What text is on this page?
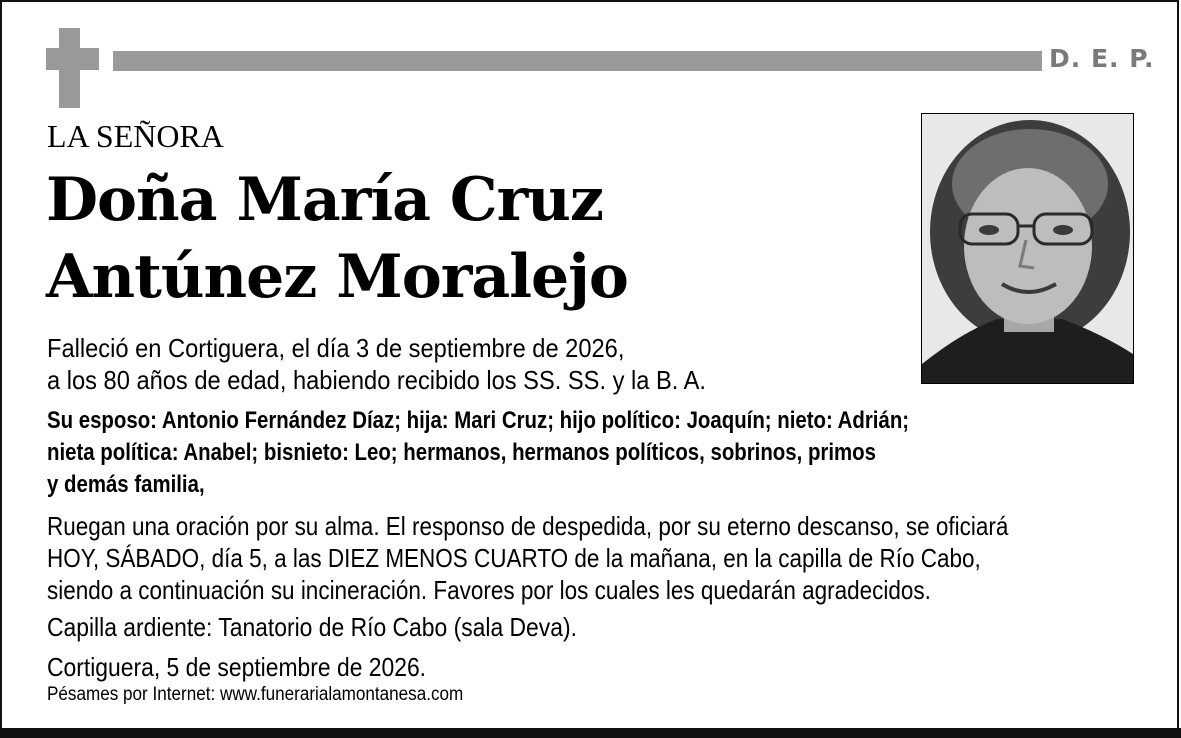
D. E. P.
LA SEÑORA
Doña María Cruz
Antúnez Moralejo
Falleció en Cortiguera, el día 3 de septiembre de 2026,
a los 80 años de edad, habiendo recibido los SS. SS. y la B. A.
Su esposo: Antonio Fernández Díaz; hija: Mari Cruz; hijo político: Joaquín; nieto: Adrián;
nieta política: Anabel; bisnieto: Leo; hermanos, hermanos políticos, sobrinos, primos
y demás familia,
Ruegan una oración por su alma. El responso de despedida, por su eterno descanso, se oficiará
HOY, SÁBADO, día 5, a las DIEZ MENOS CUARTO de la mañana, en la capilla de Río Cabo,
siendo a continuación su incineración. Favores por los cuales les quedarán agradecidos.
Capilla ardiente: Tanatorio de Río Cabo (sala Deva).
Cortiguera, 5 de septiembre de 2026.
Pésames por Internet: www.funerarialamontanesa.com
